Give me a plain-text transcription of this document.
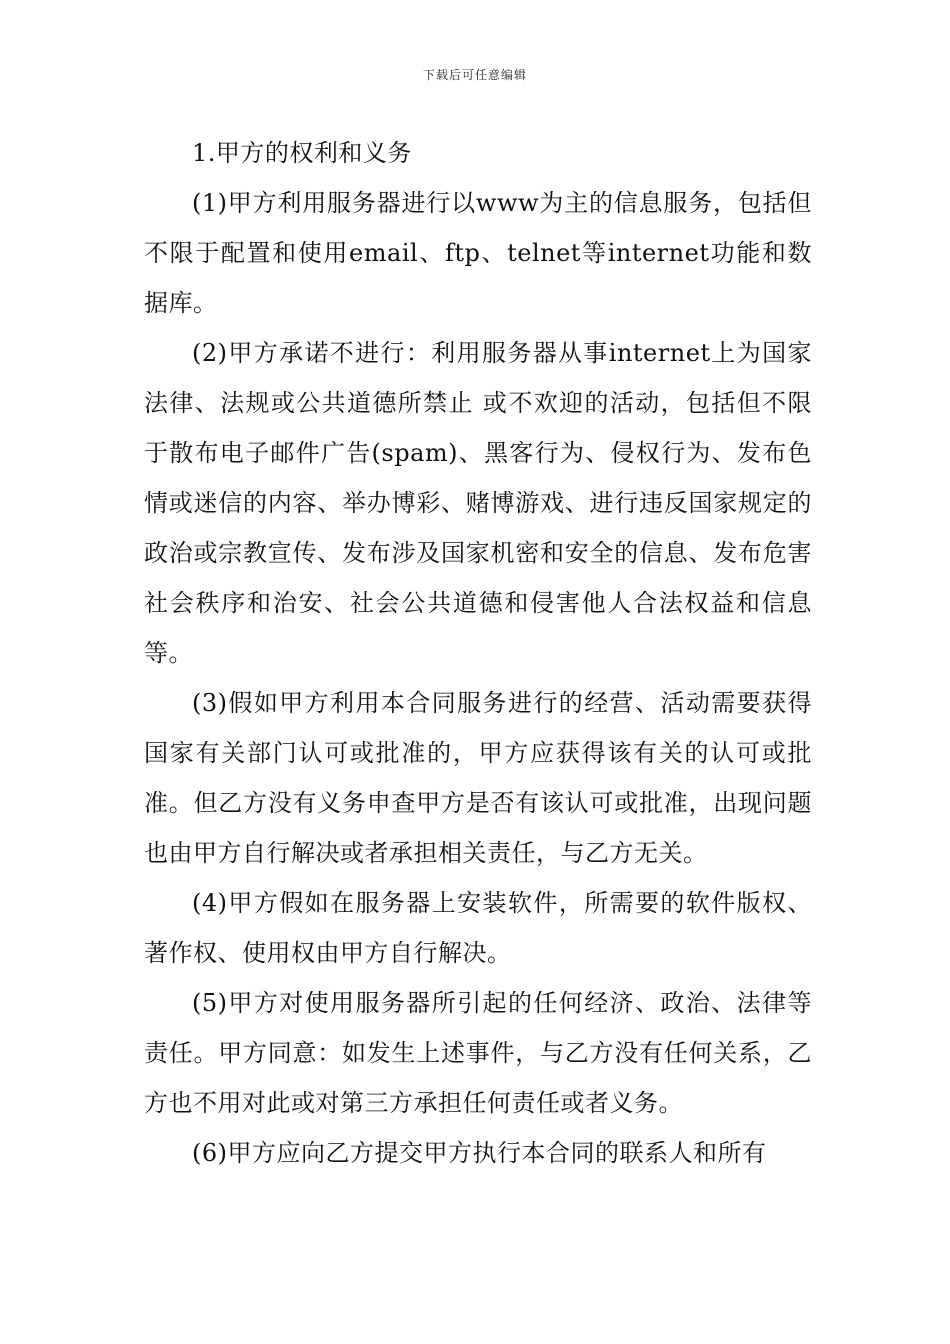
下载后可任意编辑

1.甲方的权利和义务

(1)甲方利用服务器进行以www为主的信息服务，包括但不限于配置和使用email、ftp、telnet等internet功能和数据库。

(2)甲方承诺不进行：利用服务器从事internet上为国家法律、法规或公共道德所禁止 或不欢迎的活动，包括但不限于散布电子邮件广告(spam)、黑客行为、侵权行为、发布色情或迷信的内容、举办博彩、赌博游戏、进行违反国家规定的政治或宗教宣传、发布涉及国家机密和安全的信息、发布危害社会秩序和治安、社会公共道德和侵害他人合法权益和信息等。

(3)假如甲方利用本合同服务进行的经营、活动需要获得国家有关部门认可或批准的，甲方应获得该有关的认可或批准。但乙方没有义务申查甲方是否有该认可或批准，出现问题也由甲方自行解决或者承担相关责任，与乙方无关。

(4)甲方假如在服务器上安装软件，所需要的软件版权、著作权、使用权由甲方自行解决。

(5)甲方对使用服务器所引起的任何经济、政治、法律等责任。甲方同意：如发生上述事件，与乙方没有任何关系，乙方也不用对此或对第三方承担任何责任或者义务。

(6)甲方应向乙方提交甲方执行本合同的联系人和所有
